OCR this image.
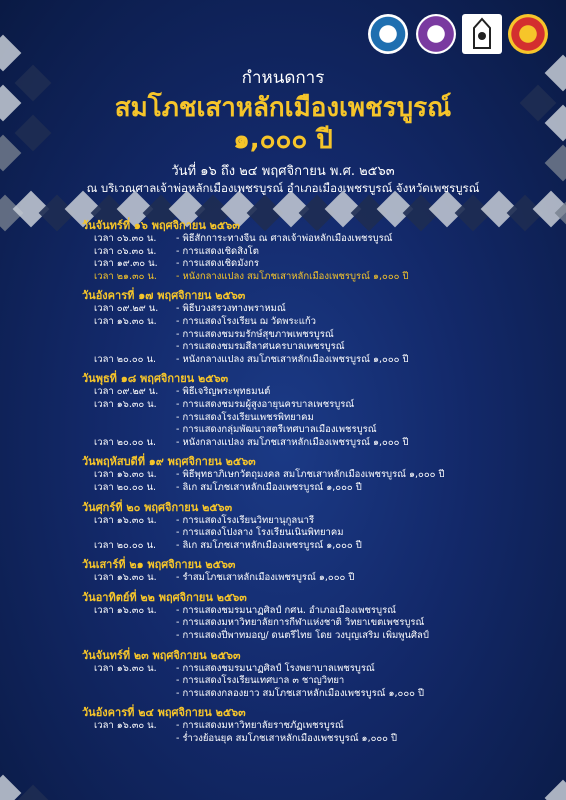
กำหนดการ
สมโภชเสาหลักเมืองเพชรบูรณ์
๑,๐๐๐ ปี
วันที่ ๑๖ ถึง ๒๔ พฤศจิกายน พ.ศ. ๒๕๖๓
ณ บริเวณศาลเจ้าพ่อหลักเมืองเพชรบูรณ์ อำเภอเมืองเพชรบูรณ์ จังหวัดเพชรบูรณ์
วันจันทร์ที่ ๑๖ พฤศจิกายน ๒๕๖๓
เวลา ๐๖.๓๐ น. - พิธีสักการะทางจีน ณ ศาลเจ้าพ่อหลักเมืองเพชรบูรณ์
เวลา ๐๖.๓๐ น. - การแสดงเชิดสิงโต
เวลา ๑๙.๓๐ น. - การแสดงเชิดมังกร
เวลา ๒๑.๓๐ น. - หนังกลางแปลง สมโภชเสาหลักเมืองเพชรบูรณ์ ๑,๐๐๐ ปี
วันอังคารที่ ๑๗ พฤศจิกายน ๒๕๖๓
เวลา ๐๙.๒๙ น. - พิธีบวงสรวงทางพราหมณ์
เวลา ๑๖.๓๐ น. - การแสดงโรงเรียน ฌ วัดพระแก้ว
- การแสดงชมรมรักษ์สุขภาพเพชรบูรณ์
- การแสดงชมรมสีลาศนครบาลเพชรบูรณ์
เวลา ๒๐.๐๐ น. - หนังกลางแปลง สมโภชเสาหลักเมืองเพชรบูรณ์ ๑,๐๐๐ ปี
วันพุธที่ ๑๘ พฤศจิกายน ๒๕๖๓
เวลา ๐๙.๒๙ น. - พิธีเจริญพระพุทธมนต์
เวลา ๑๖.๓๐ น. - การแสดงชมรมผู้สูงอายุนครบาลเพชรบูรณ์
- การแสดงโรงเรียนเพชรพิทยาคม
- การแสดงกลุ่มพัฒนาสตรีเทศบาลเมืองเพชรบูรณ์
เวลา ๒๐.๐๐ น. - หนังกลางแปลง สมโภชเสาหลักเมืองเพชรบูรณ์ ๑,๐๐๐ ปี
วันพฤหัสบดีที่ ๑๙ พฤศจิกายน ๒๕๖๓
เวลา ๑๖.๓๐ น. - พิธีพุทธาภิเษกวัตถุมงคล สมโภชเสาหลักเมืองเพชรบูรณ์ ๑,๐๐๐ ปี
เวลา ๒๐.๐๐ น. - ลิเก สมโภชเสาหลักเมืองเพชรบูรณ์ ๑,๐๐๐ ปี
วันศุกร์ที่ ๒๐ พฤศจิกายน ๒๕๖๓
เวลา ๑๖.๓๐ น. - การแสดงโรงเรียนวิทยานุกูลนารี
- การแสดงโปงลาง โรงเรียนเนินพิทยาคม
เวลา ๒๐.๐๐ น. - ลิเก สมโภชเสาหลักเมืองเพชรบูรณ์ ๑,๐๐๐ ปี
วันเสาร์ที่ ๒๑ พฤศจิกายน ๒๕๖๓
เวลา ๑๖.๓๐ น. - รำสมโภชเสาหลักเมืองเพชรบูรณ์ ๑,๐๐๐ ปี
วันอาทิตย์ที่ ๒๒ พฤศจิกายน ๒๕๖๓
เวลา ๑๖.๓๐ น. - การแสดงชมรมนาฏศิลป์ กศน. อำเภอเมืองเพชรบูรณ์
- การแสดงมหาวิทยาลัยการกีฬาแห่งชาติ วิทยาเขตเพชรบูรณ์
- การแสดงปี่พาทมอญ/ ดนตรีไทย โดย วงบุญเสริม เพิ่มพูนศิลป์
วันจันทร์ที่ ๒๓ พฤศจิกายน ๒๕๖๓
เวลา ๑๖.๓๐ น. - การแสดงชมรมนาฏศิลป์ โรงพยาบาลเพชรบูรณ์
- การแสดงโรงเรียนเทศบาล ๓ ชาญวิทยา
- การแสดงกลองยาว สมโภชเสาหลักเมืองเพชรบูรณ์ ๑,๐๐๐ ปี
วันอังคารที่ ๒๔ พฤศจิกายน ๒๕๖๓
เวลา ๑๖.๓๐ น. - การแสดงมหาวิทยาลัยราชภัฏเพชรบูรณ์
- ร่ำวงย้อนยุค สมโภชเสาหลักเมืองเพชรบูรณ์ ๑,๐๐๐ ปี
